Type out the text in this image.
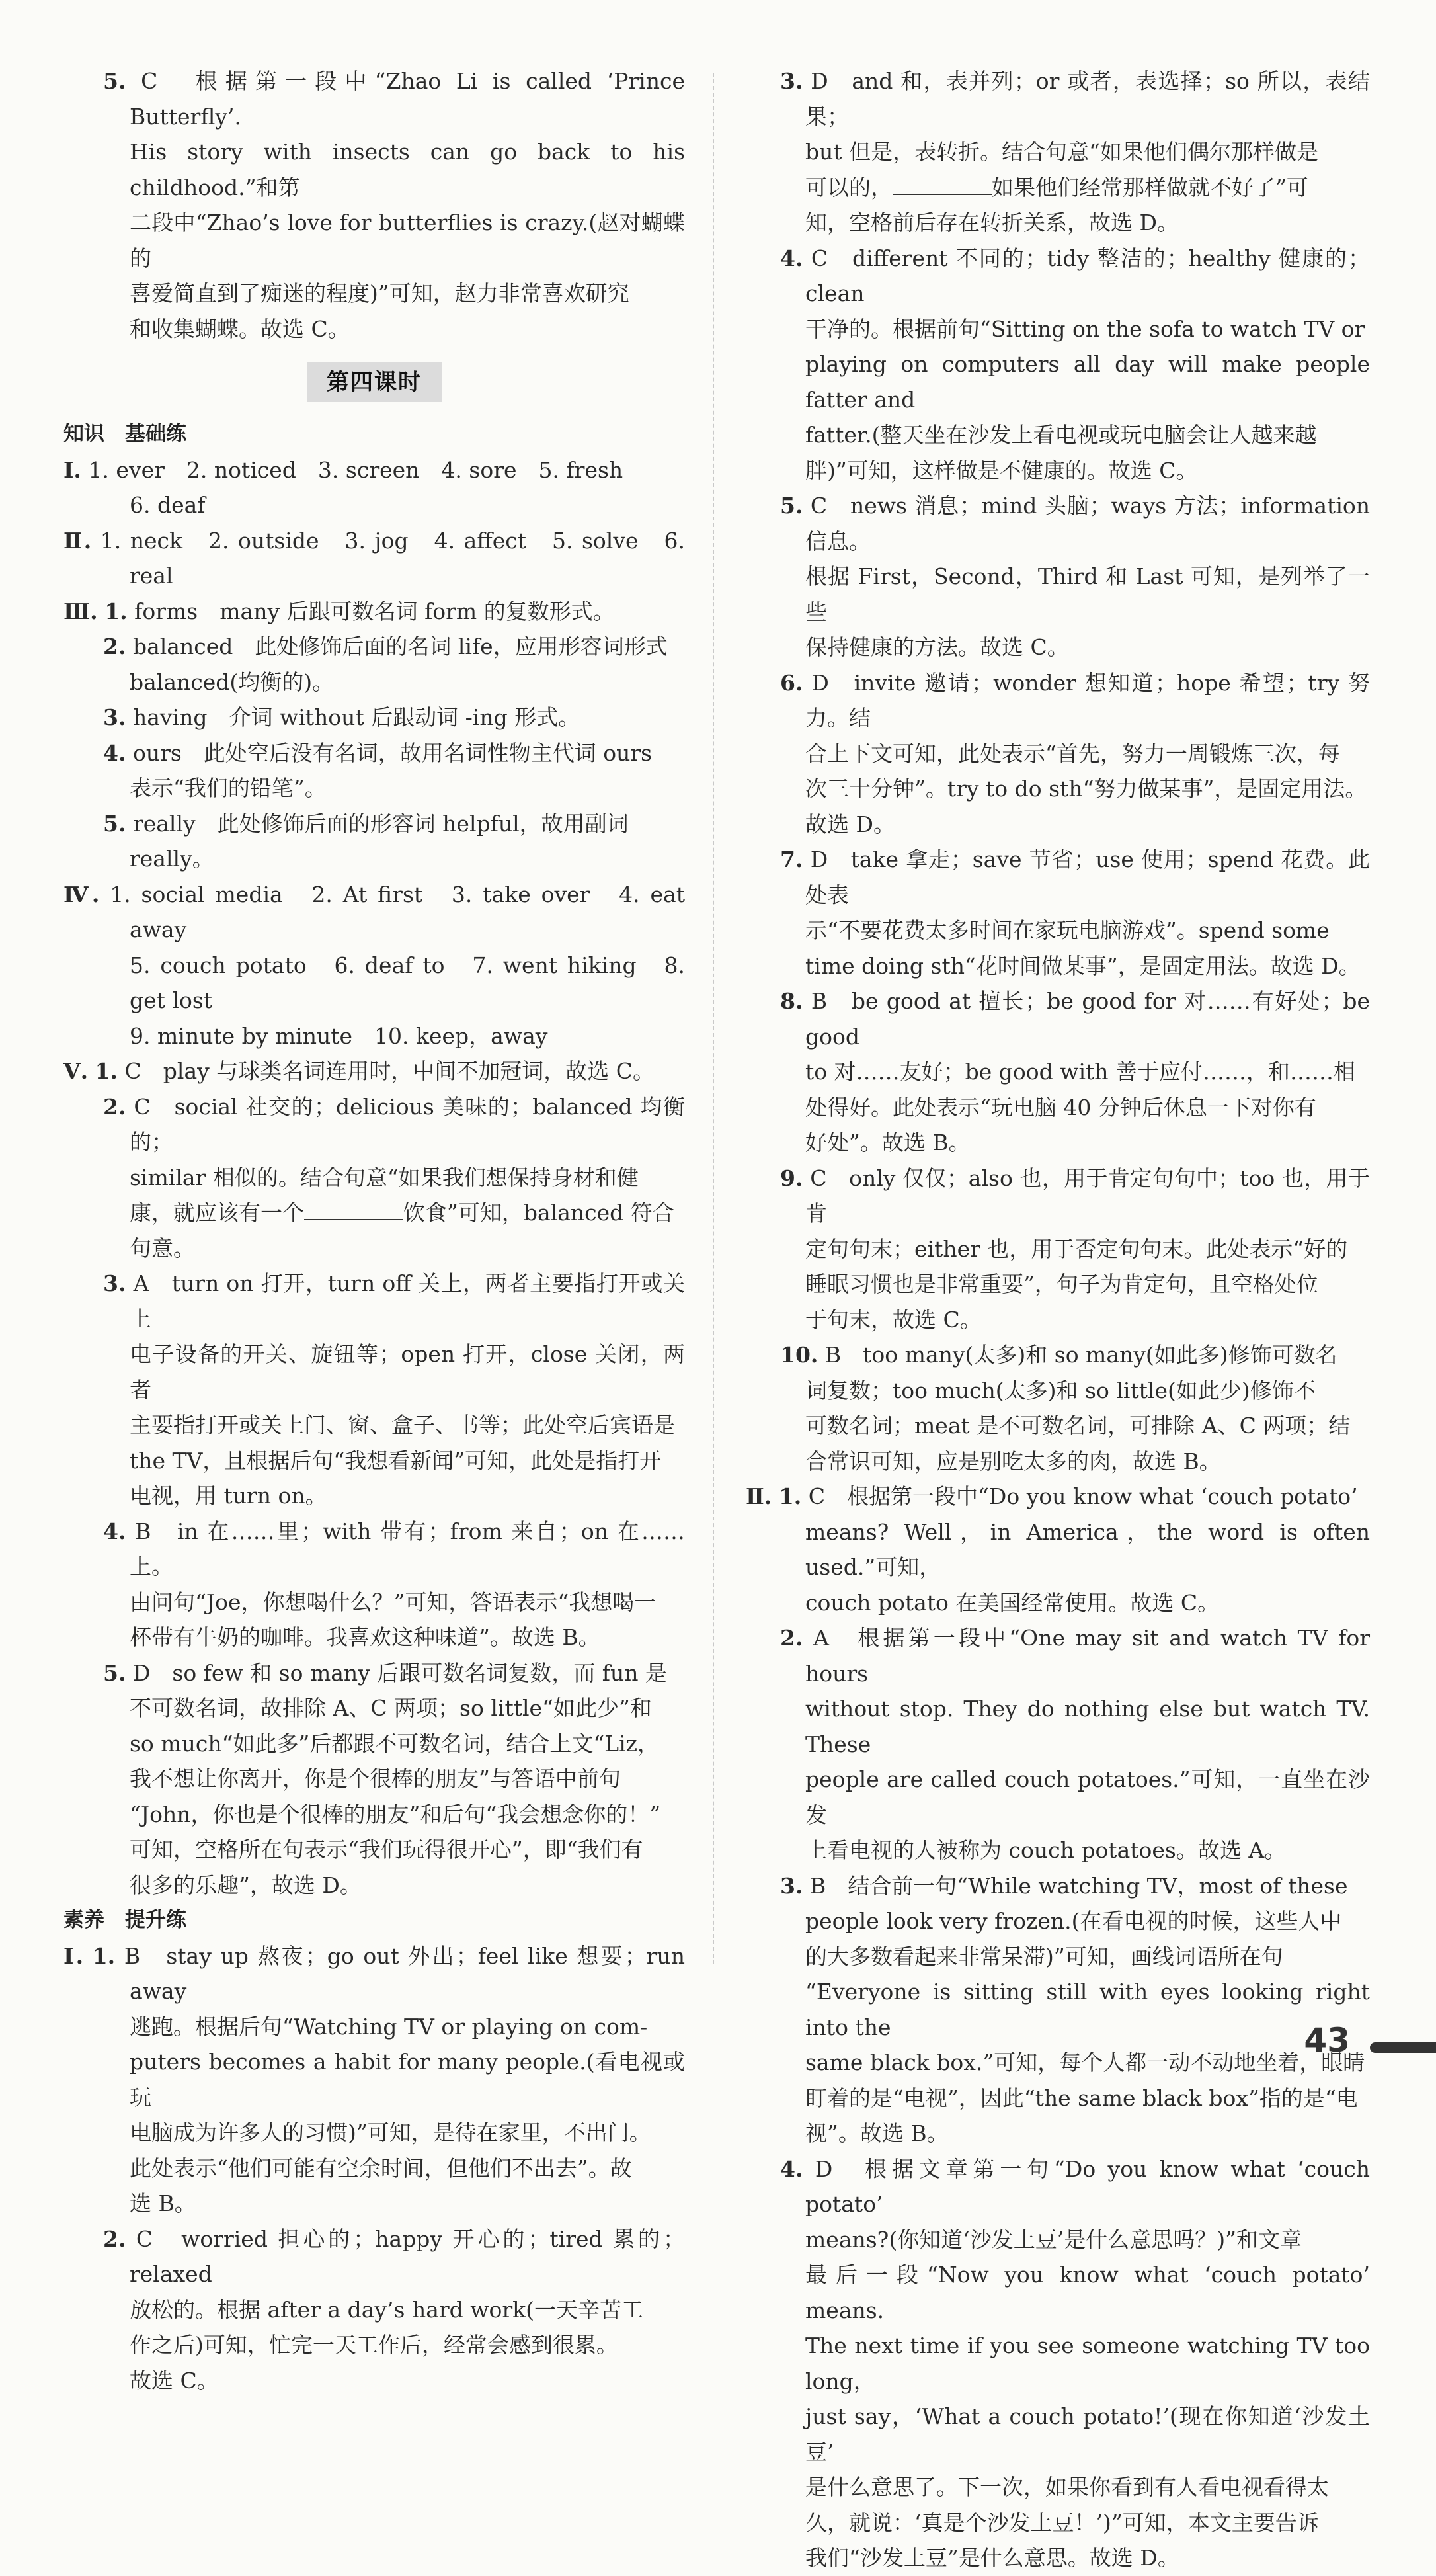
5. C　根据第一段中“Zhao Li is called ‘Prince Butterfly’.
His story with insects can go back to his childhood.”和第
二段中“Zhao’s love for butterflies is crazy.(赵对蝴蝶的
喜爱简直到了痴迷的程度)”可知，赵力非常喜欢研究
和收集蝴蝶。故选 C。

第四课时

知识　基础练

Ⅰ. 1. ever　2. noticed　3. screen　4. sore　5. fresh
6. deaf

Ⅱ. 1. neck　2. outside　3. jog　4. affect　5. solve　6. real

Ⅲ. 1. forms　many 后跟可数名词 form 的复数形式。

2. balanced　此处修饰后面的名词 life，应用形容词形式
balanced(均衡的)。

3. having　介词 without 后跟动词 -ing 形式。

4. ours　此处空后没有名词，故用名词性物主代词 ours
表示“我们的铅笔”。

5. really　此处修饰后面的形容词 helpful，故用副词
really。

Ⅳ. 1. social media　2. At first　3. take over　4. eat away
5. couch potato　6. deaf to　7. went hiking　8. get lost
9. minute by minute　10. keep，away

Ⅴ. 1. C　play 与球类名词连用时，中间不加冠词，故选 C。

2. C　social 社交的；delicious 美味的；balanced 均衡的；
similar 相似的。结合句意“如果我们想保持身材和健
康，就应该有一个	饮食”可知，balanced 符合
句意。

3. A　turn on 打开，turn off 关上，两者主要指打开或关上
电子设备的开关、旋钮等；open 打开，close 关闭，两者
主要指打开或关上门、窗、盒子、书等；此处空后宾语是
the TV，且根据后句“我想看新闻”可知，此处是指打开
电视，用 turn on。

4. B　in 在……里；with 带有；from 来自；on 在……上。
由问句“Joe，你想喝什么？”可知，答语表示“我想喝一
杯带有牛奶的咖啡。我喜欢这种味道”。故选 B。

5. D　so few 和 so many 后跟可数名词复数，而 fun 是
不可数名词，故排除 A、C 两项；so little“如此少”和
so much“如此多”后都跟不可数名词，结合上文“Liz，
我不想让你离开，你是个很棒的朋友”与答语中前句
“John，你也是个很棒的朋友”和后句“我会想念你的！”
可知，空格所在句表示“我们玩得很开心”，即“我们有
很多的乐趣”，故选 D。

素养　提升练

Ⅰ. 1. B　stay up 熬夜；go out 外出；feel like 想要；run away
逃跑。根据后句“Watching TV or playing on com-
puters becomes a habit for many people.(看电视或玩
电脑成为许多人的习惯)”可知，是待在家里，不出门。
此处表示“他们可能有空余时间，但他们不出去”。故
选 B。

2. C　worried 担心的；happy 开心的；tired 累的；relaxed
放松的。根据 after a day’s hard work(一天辛苦工
作之后)可知，忙完一天工作后，经常会感到很累。
故选 C。

3. D　and 和，表并列；or 或者，表选择；so 所以，表结果；
but 但是，表转折。结合句意“如果他们偶尔那样做是
可以的，	如果他们经常那样做就不好了”可
知，空格前后存在转折关系，故选 D。

4. C　different 不同的；tidy 整洁的；healthy 健康的；clean
干净的。根据前句“Sitting on the sofa to watch TV or
playing on computers all day will make people fatter and
fatter.(整天坐在沙发上看电视或玩电脑会让人越来越
胖)”可知，这样做是不健康的。故选 C。

5. C　news 消息；mind 头脑；ways 方法；information 信息。
根据 First，Second，Third 和 Last 可知，是列举了一些
保持健康的方法。故选 C。

6. D　invite 邀请；wonder 想知道；hope 希望；try 努力。结
合上下文可知，此处表示“首先，努力一周锻炼三次，每
次三十分钟”。try to do sth“努力做某事”，是固定用法。
故选 D。

7. D　take 拿走；save 节省；use 使用；spend 花费。此处表
示“不要花费太多时间在家玩电脑游戏”。spend some
time doing sth“花时间做某事”，是固定用法。故选 D。

8. B　be good at 擅长；be good for 对……有好处；be good
to 对……友好；be good with 善于应付……，和……相
处得好。此处表示“玩电脑 40 分钟后休息一下对你有
好处”。故选 B。

9. C　only 仅仅；also 也，用于肯定句句中；too 也，用于肯
定句句末；either 也，用于否定句句末。此处表示“好的
睡眠习惯也是非常重要”，句子为肯定句，且空格处位
于句末，故选 C。

10. B　too many(太多)和 so many(如此多)修饰可数名
词复数；too much(太多)和 so little(如此少)修饰不
可数名词；meat 是不可数名词，可排除 A、C 两项；结
合常识可知，应是别吃太多的肉，故选 B。

Ⅱ. 1. C　根据第一段中“Do you know what ‘couch potato’
means? Well，in America，the word is often used.”可知，
couch potato 在美国经常使用。故选 C。

2. A　根据第一段中“One may sit and watch TV for hours
without stop. They do nothing else but watch TV. These
people are called couch potatoes.”可知，一直坐在沙发
上看电视的人被称为 couch potatoes。故选 A。

3. B　结合前一句“While watching TV，most of these
people look very frozen.(在看电视的时候，这些人中
的大多数看起来非常呆滞)”可知，画线词语所在句
“Everyone is sitting still with eyes looking right into the
same black box.”可知，每个人都一动不动地坐着，眼睛
盯着的是“电视”，因此“the same black box”指的是“电
视”。故选 B。

4. D　根据文章第一句“Do you know what ‘couch potato’
means?(你知道‘沙发土豆’是什么意思吗？)”和文章
最后一段“Now you know what ‘couch potato’ means.
The next time if you see someone watching TV too long，
just say，‘What a couch potato!’(现在你知道‘沙发土豆’
是什么意思了。下一次，如果你看到有人看电视看得太
久，就说：‘真是个沙发土豆！’)”可知，本文主要告诉
我们“沙发土豆”是什么意思。故选 D。

43
